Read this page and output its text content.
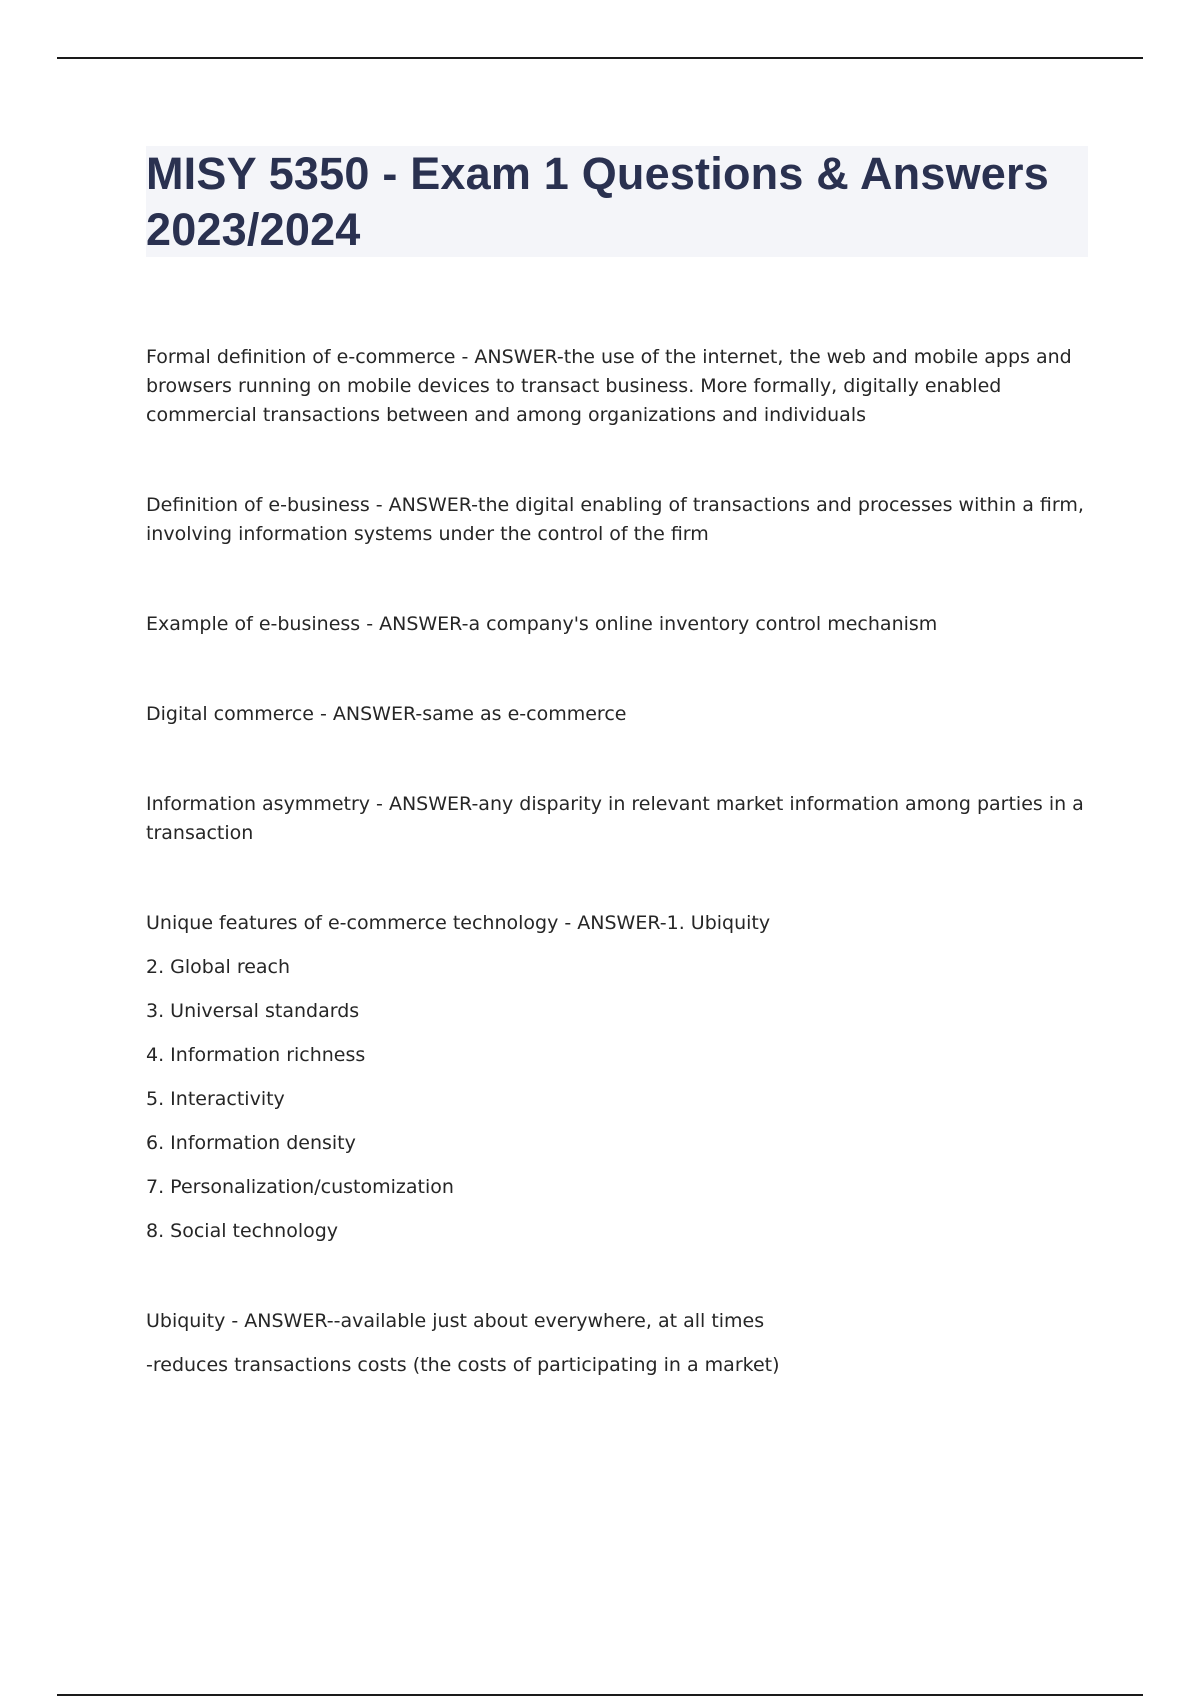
MISY 5350 - Exam 1 Questions & Answers 2023/2024

Formal definition of e-commerce - ANSWER-the use of the internet, the web and mobile apps and browsers running on mobile devices to transact business. More formally, digitally enabled commercial transactions between and among organizations and individuals

Definition of e-business - ANSWER-the digital enabling of transactions and processes within a firm, involving information systems under the control of the firm

Example of e-business - ANSWER-a company's online inventory control mechanism

Digital commerce - ANSWER-same as e-commerce

Information asymmetry - ANSWER-any disparity in relevant market information among parties in a transaction

Unique features of e-commerce technology - ANSWER-1. Ubiquity

2. Global reach

3. Universal standards

4. Information richness

5. Interactivity

6. Information density

7. Personalization/customization

8. Social technology

Ubiquity - ANSWER--available just about everywhere, at all times

-reduces transactions costs (the costs of participating in a market)
